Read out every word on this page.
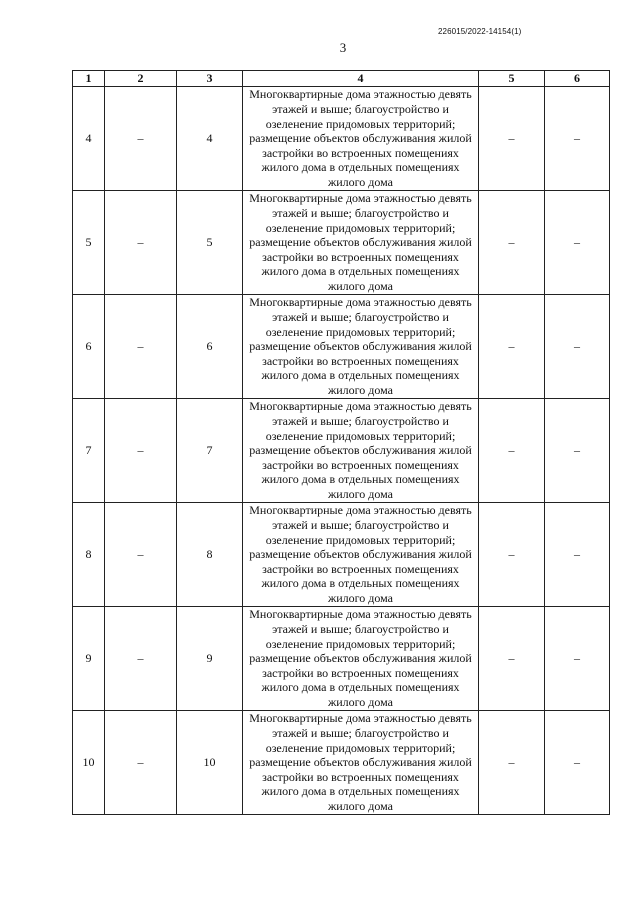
226015/2022-14154(1)
3
1	2	3	4	5	6
4	–	4	Многоквартирные дома этажностью девять этажей и выше; благоустройство и озеленение придомовых территорий; размещение объектов обслуживания жилой застройки во встроенных помещениях жилого дома в отдельных помещениях жилого дома	–	–
5	–	5	Многоквартирные дома этажностью девять этажей и выше; благоустройство и озеленение придомовых территорий; размещение объектов обслуживания жилой застройки во встроенных помещениях жилого дома в отдельных помещениях жилого дома	–	–
6	–	6	Многоквартирные дома этажностью девять этажей и выше; благоустройство и озеленение придомовых территорий; размещение объектов обслуживания жилой застройки во встроенных помещениях жилого дома в отдельных помещениях жилого дома	–	–
7	–	7	Многоквартирные дома этажностью девять этажей и выше; благоустройство и озеленение придомовых территорий; размещение объектов обслуживания жилой застройки во встроенных помещениях жилого дома в отдельных помещениях жилого дома	–	–
8	–	8	Многоквартирные дома этажностью девять этажей и выше; благоустройство и озеленение придомовых территорий; размещение объектов обслуживания жилой застройки во встроенных помещениях жилого дома в отдельных помещениях жилого дома	–	–
9	–	9	Многоквартирные дома этажностью девять этажей и выше; благоустройство и озеленение придомовых территорий; размещение объектов обслуживания жилой застройки во встроенных помещениях жилого дома в отдельных помещениях жилого дома	–	–
10	–	10	Многоквартирные дома этажностью девять этажей и выше; благоустройство и озеленение придомовых территорий; размещение объектов обслуживания жилой застройки во встроенных помещениях жилого дома в отдельных помещениях жилого дома	–	–
